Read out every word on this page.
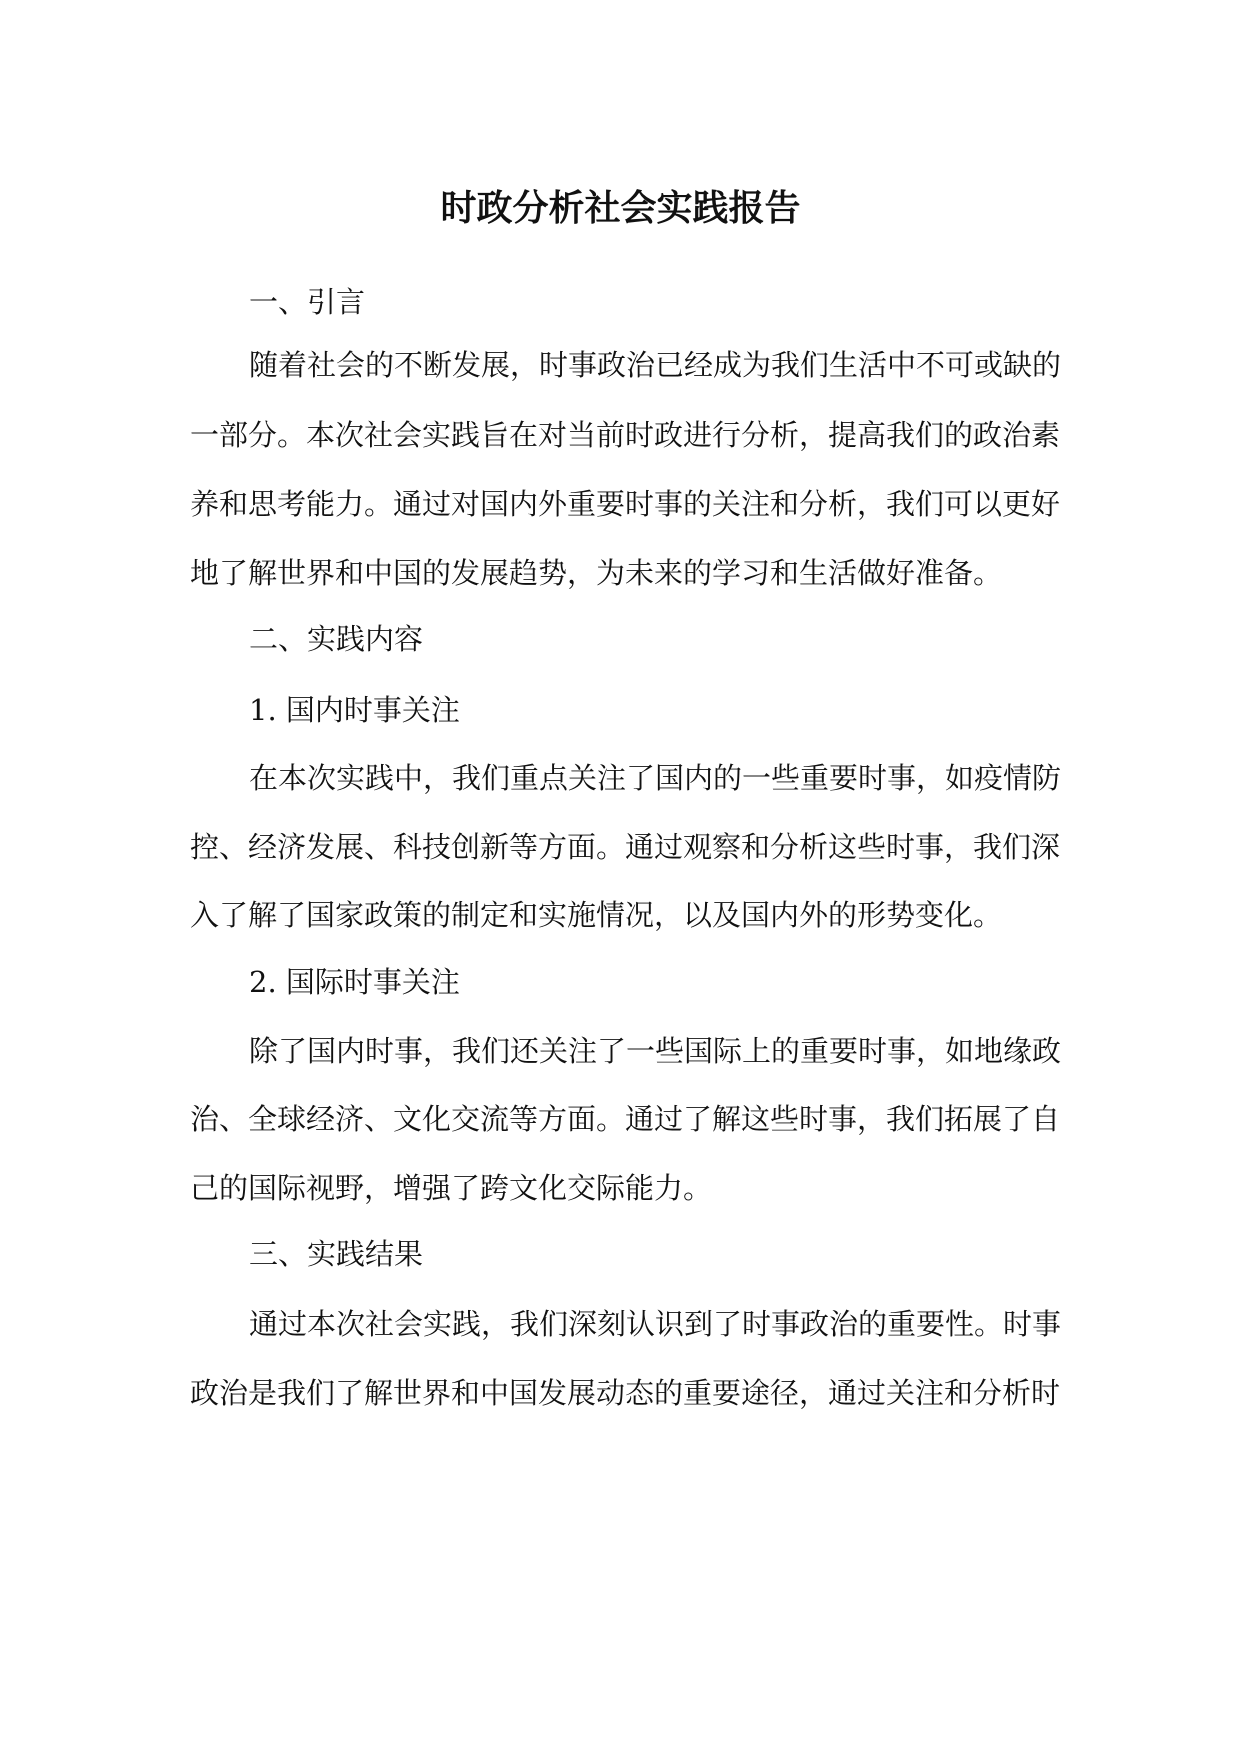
时政分析社会实践报告
一、引言
随着社会的不断发展，时事政治已经成为我们生活中不可或缺的
一部分。本次社会实践旨在对当前时政进行分析，提高我们的政治素
养和思考能力。通过对国内外重要时事的关注和分析，我们可以更好
地了解世界和中国的发展趋势，为未来的学习和生活做好准备。
二、实践内容
1. 国内时事关注
在本次实践中，我们重点关注了国内的一些重要时事，如疫情防
控、经济发展、科技创新等方面。通过观察和分析这些时事，我们深
入了解了国家政策的制定和实施情况，以及国内外的形势变化。
2. 国际时事关注
除了国内时事，我们还关注了一些国际上的重要时事，如地缘政
治、全球经济、文化交流等方面。通过了解这些时事，我们拓展了自
己的国际视野，增强了跨文化交际能力。
三、实践结果
通过本次社会实践，我们深刻认识到了时事政治的重要性。时事
政治是我们了解世界和中国发展动态的重要途径，通过关注和分析时
